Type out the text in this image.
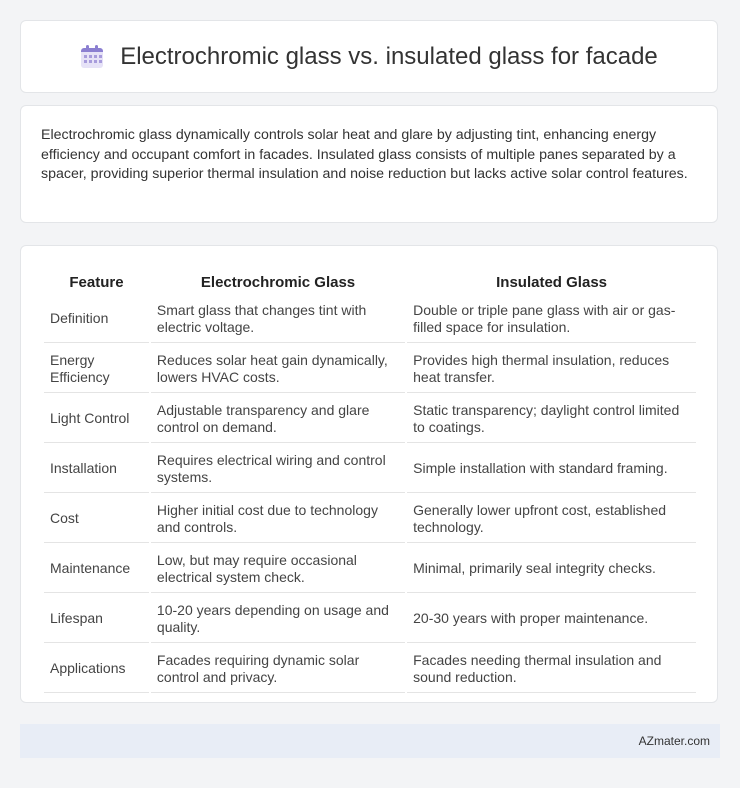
Electrochromic glass vs. insulated glass for facade

Electrochromic glass dynamically controls solar heat and glare by adjusting tint, enhancing energy efficiency and occupant comfort in facades. Insulated glass consists of multiple panes separated by a spacer, providing superior thermal insulation and noise reduction but lacks active solar control features.

Feature	Electrochromic Glass	Insulated Glass
Definition	Smart glass that changes tint with electric voltage.	Double or triple pane glass with air or gas-filled space for insulation.
Energy Efficiency	Reduces solar heat gain dynamically, lowers HVAC costs.	Provides high thermal insulation, reduces heat transfer.
Light Control	Adjustable transparency and glare control on demand.	Static transparency; daylight control limited to coatings.
Installation	Requires electrical wiring and control systems.	Simple installation with standard framing.
Cost	Higher initial cost due to technology and controls.	Generally lower upfront cost, established technology.
Maintenance	Low, but may require occasional electrical system check.	Minimal, primarily seal integrity checks.
Lifespan	10-20 years depending on usage and quality.	20-30 years with proper maintenance.
Applications	Facades requiring dynamic solar control and privacy.	Facades needing thermal insulation and sound reduction.
AZmater.com
